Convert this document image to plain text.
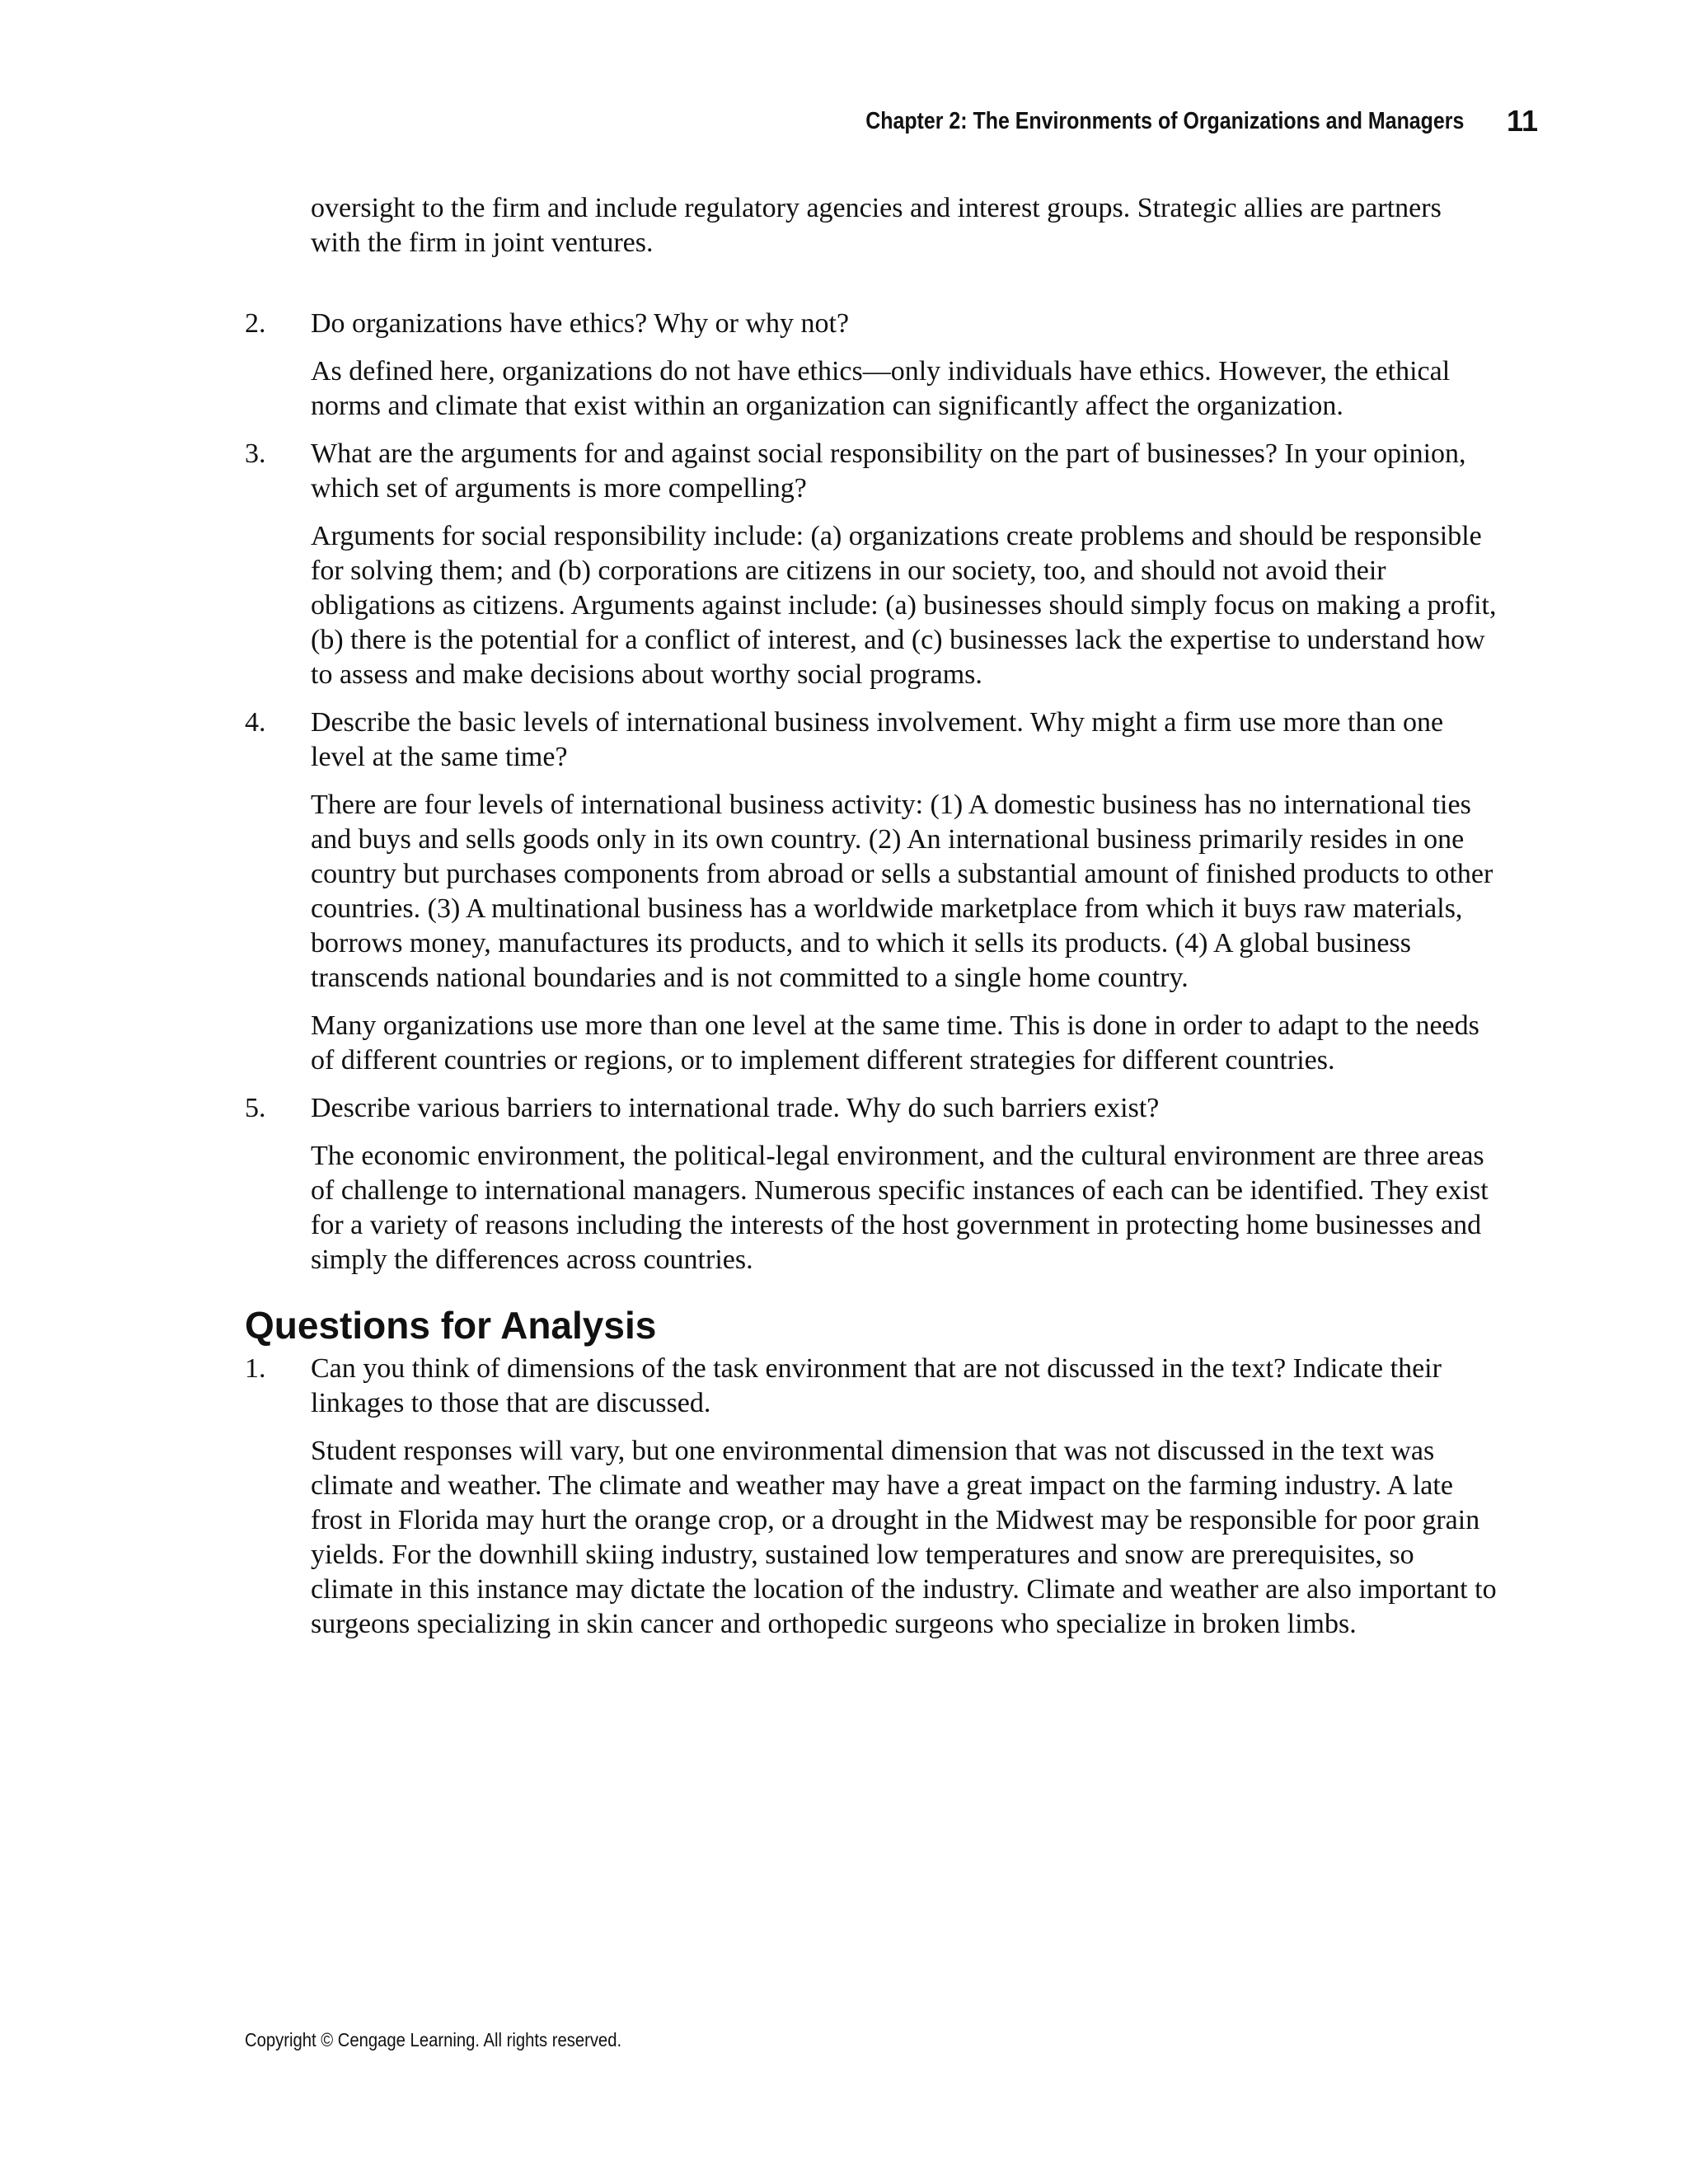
Chapter 2: The Environments of Organizations and Managers 11

oversight to the firm and include regulatory agencies and interest groups. Strategic allies are partners with the firm in joint ventures.

2.	Do organizations have ethics? Why or why not?

As defined here, organizations do not have ethics—only individuals have ethics. However, the ethical norms and climate that exist within an organization can significantly affect the organization.

3.	What are the arguments for and against social responsibility on the part of businesses? In your opinion, which set of arguments is more compelling?

Arguments for social responsibility include: (a) organizations create problems and should be responsible for solving them; and (b) corporations are citizens in our society, too, and should not avoid their obligations as citizens. Arguments against include: (a) businesses should simply focus on making a profit, (b) there is the potential for a conflict of interest, and (c) businesses lack the expertise to understand how to assess and make decisions about worthy social programs.

4.	Describe the basic levels of international business involvement. Why might a firm use more than one level at the same time?

There are four levels of international business activity: (1) A domestic business has no international ties and buys and sells goods only in its own country. (2) An international business primarily resides in one country but purchases components from abroad or sells a substantial amount of finished products to other countries. (3) A multinational business has a worldwide marketplace from which it buys raw materials, borrows money, manufactures its products, and to which it sells its products. (4) A global business transcends national boundaries and is not committed to a single home country.

Many organizations use more than one level at the same time. This is done in order to adapt to the needs of different countries or regions, or to implement different strategies for different countries.

5.	Describe various barriers to international trade. Why do such barriers exist?

The economic environment, the political-legal environment, and the cultural environment are three areas of challenge to international managers. Numerous specific instances of each can be identified. They exist for a variety of reasons including the interests of the host government in protecting home businesses and simply the differences across countries.

Questions for Analysis
1.	Can you think of dimensions of the task environment that are not discussed in the text? Indicate their linkages to those that are discussed.

Student responses will vary, but one environmental dimension that was not discussed in the text was climate and weather. The climate and weather may have a great impact on the farming industry. A late frost in Florida may hurt the orange crop, or a drought in the Midwest may be responsible for poor grain yields. For the downhill skiing industry, sustained low temperatures and snow are prerequisites, so climate in this instance may dictate the location of the industry. Climate and weather are also important to surgeons specializing in skin cancer and orthopedic surgeons who specialize in broken limbs.

Copyright © Cengage Learning. All rights reserved.
